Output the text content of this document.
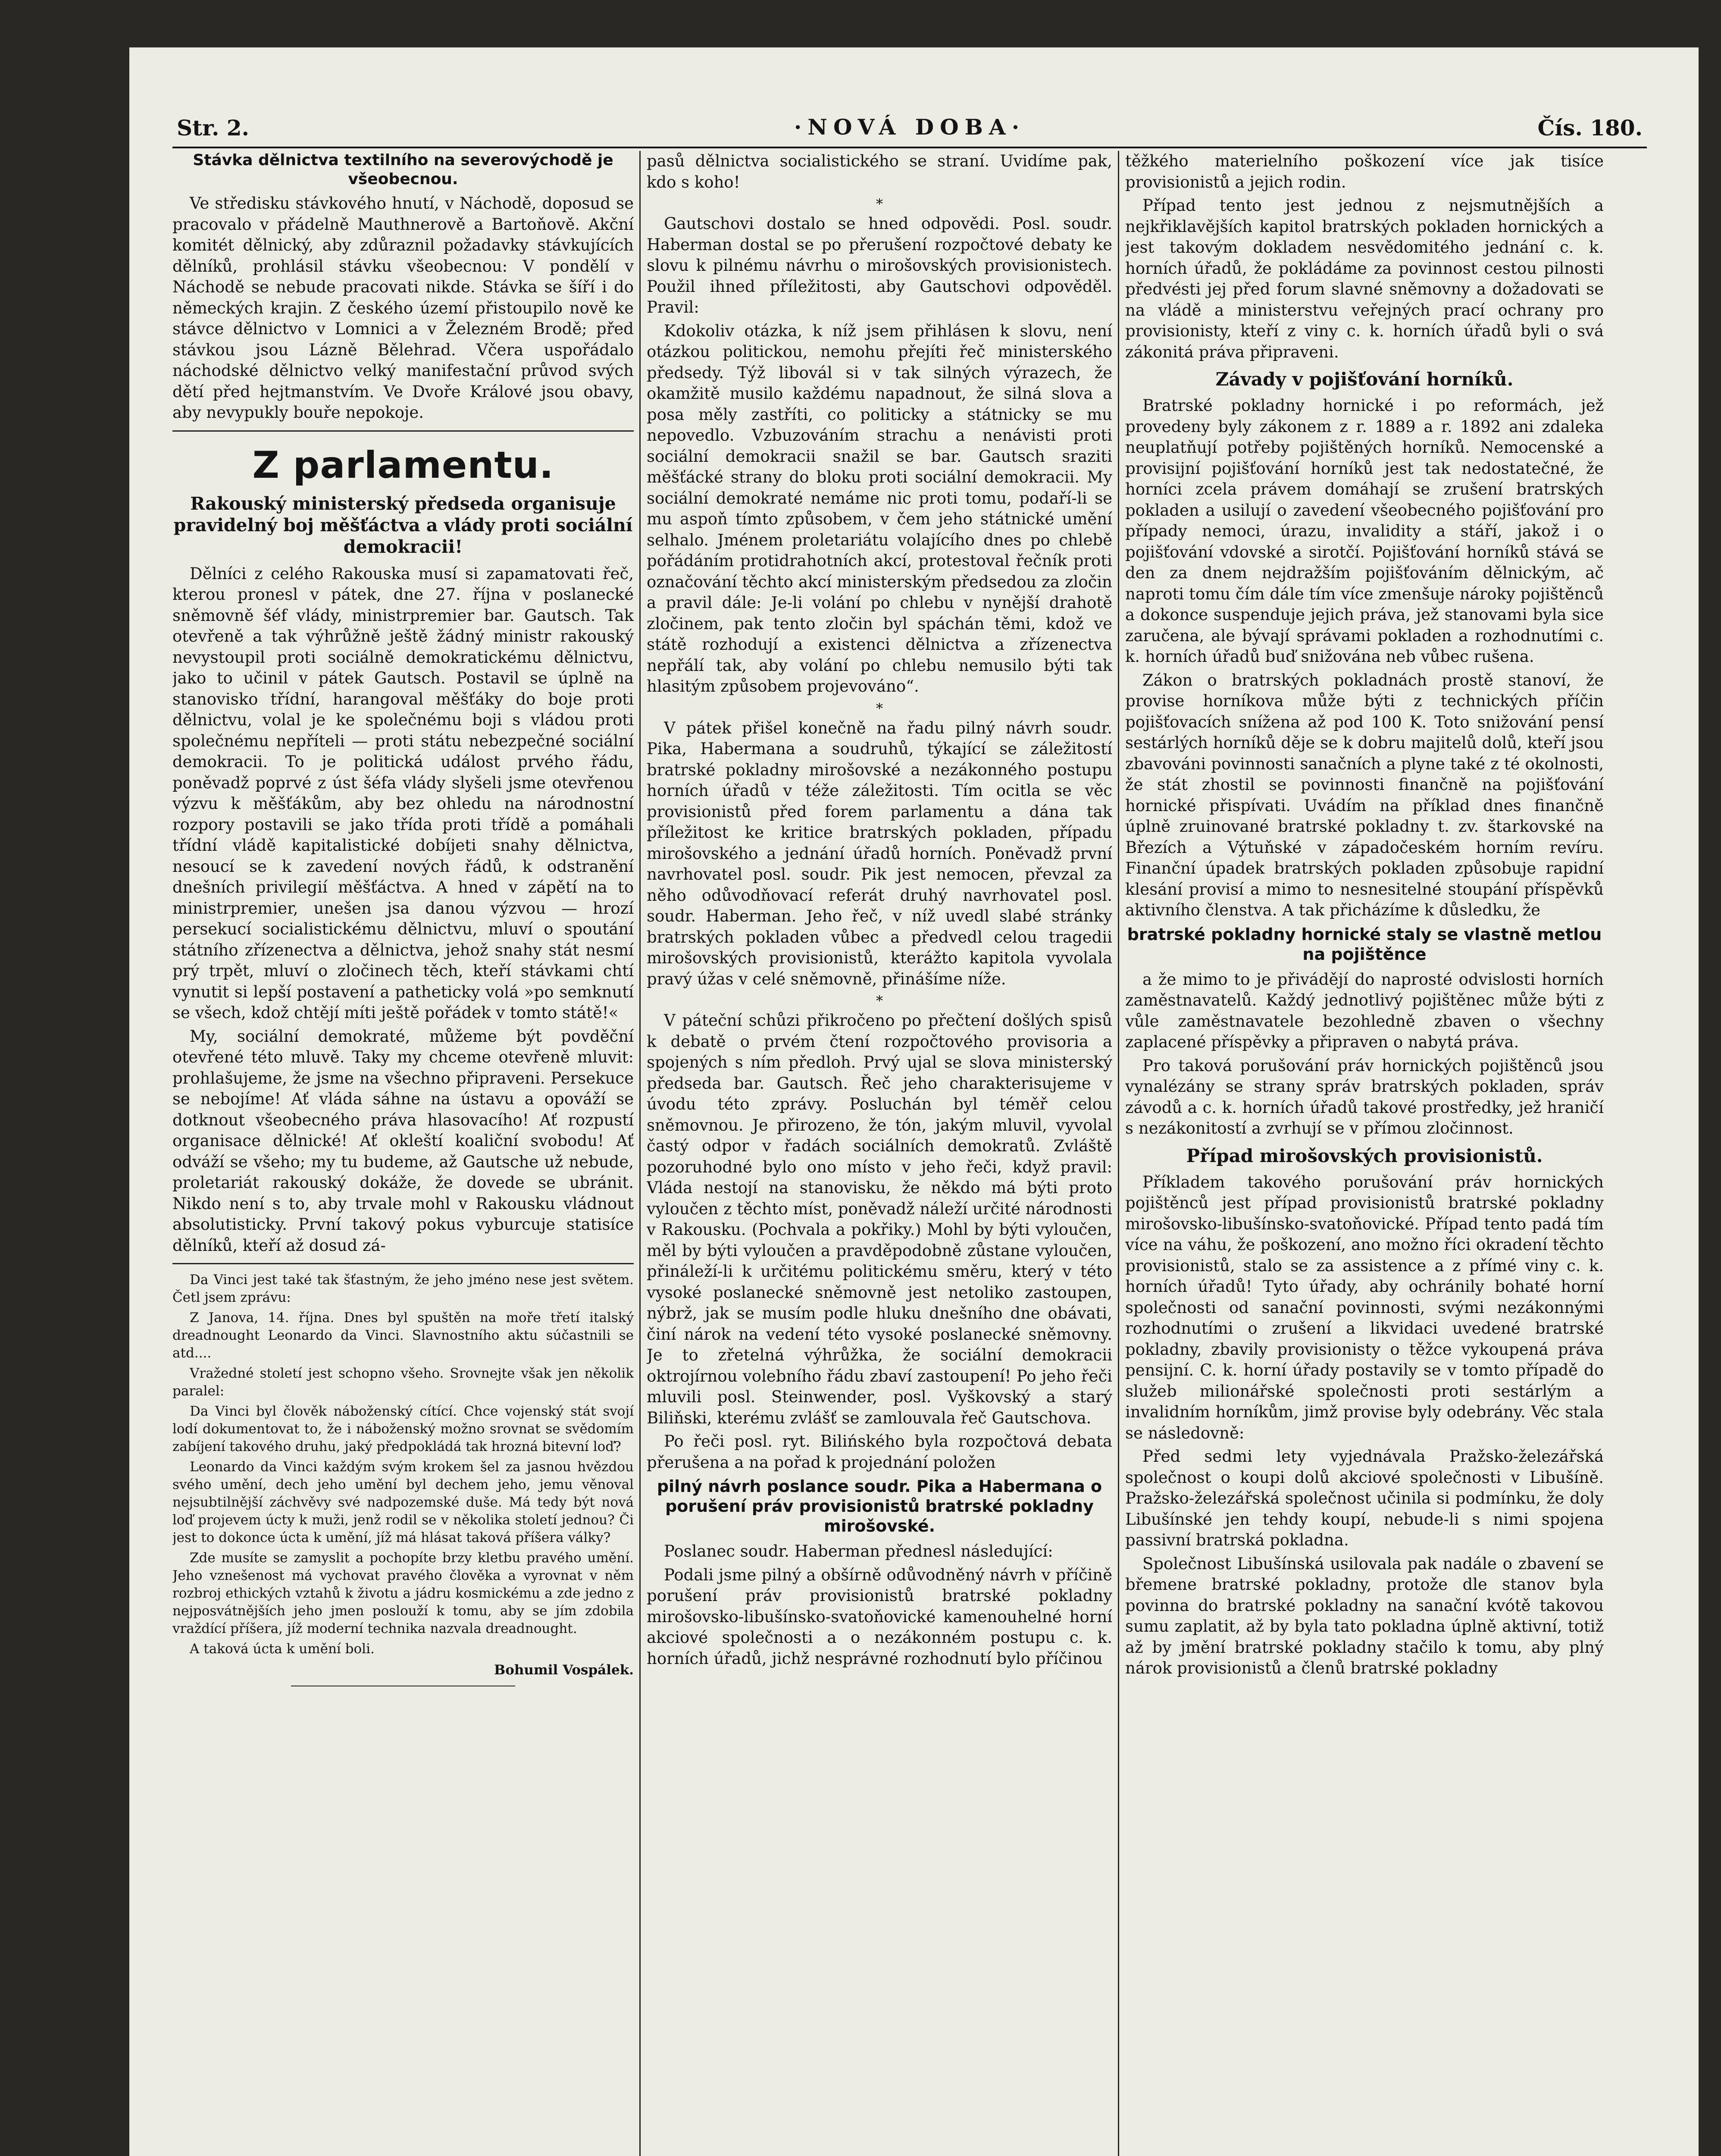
Str. 2.	·NOVÁ DOBA·	Čís. 180.
Stávka dělnictva textilního na severovýchodě je všeobecnou.

Ve středisku stávkového hnutí, v Náchodě, doposud se pracovalo v přádelně Mauthnerově a Bartoňově. Akční komitét dělnický, aby zdůraznil požadavky stávkujících dělníků, prohlásil stávku všeobecnou: V pondělí v Náchodě se nebude pracovati nikde. Stávka se šíří i do německých krajin. Z českého území přistoupilo nově ke stávce dělnictvo v Lomnici a v Železném Brodě; před stávkou jsou Lázně Bělehrad. Včera uspořádalo náchodské dělnictvo velký manifestační průvod svých dětí před hejtmanstvím. Ve Dvoře Králové jsou obavy, aby nevypukly bouře nepokoje.

Z parlamentu.
Rakouský ministerský předseda organisuje pravidelný boj měšťáctva a vlády proti sociální demokracii!

Dělníci z celého Rakouska musí si zapamatovati řeč, kterou pronesl v pátek, dne 27. října v poslanecké sněmovně šéf vlády, ministrpremier bar. Gautsch. Tak otevřeně a tak výhrůžně ještě žádný ministr rakouský nevystoupil proti sociálně demokratickému dělnictvu, jako to učinil v pátek Gautsch. Postavil se úplně na stanovisko třídní, harangoval měšťáky do boje proti dělnictvu, volal je ke společnému boji s vládou proti společnému nepříteli — proti státu nebezpečné sociální demokracii. To je politická událost prvého řádu, poněvadž poprvé z úst šéfa vlády slyšeli jsme otevřenou výzvu k měšťákům, aby bez ohledu na národnostní rozpory postavili se jako třída proti třídě a pomáhali třídní vládě kapitalistické dobíjeti snahy dělnictva, nesoucí se k zavedení nových řádů, k odstranění dnešních privilegií měšťáctva. A hned v zápětí na to ministrpremier, unešen jsa danou výzvou — hrozí persekucí socialistickému dělnictvu, mluví o spoutání státního zřízenectva a dělnictva, jehož snahy stát nesmí prý trpět, mluví o zločinech těch, kteří stávkami chtí vynutit si lepší postavení a patheticky volá »po semknutí se všech, kdož chtějí míti ještě pořádek v tomto státě!«

My, sociální demokraté, můžeme být povděční otevřené této mluvě. Taky my chceme otevřeně mluvit: prohlašujeme, že jsme na všechno připraveni. Persekuce se nebojíme! Ať vláda sáhne na ústavu a opováží se dotknout všeobecného práva hlasovacího! Ať rozpustí organisace dělnické! Ať okleští koaliční svobodu! Ať odváží se všeho; my tu budeme, až Gautsche už nebude, proletariát rakouský dokáže, že dovede se ubránit. Nikdo není s to, aby trvale mohl v Rakousku vládnout absolutisticky. První takový pokus vyburcuje statisíce dělníků, kteří až dosud zá-

Da Vinci jest také tak šťastným, že jeho jméno nese jest světem. Četl jsem zprávu:

Z Janova, 14. října. Dnes byl spuštěn na moře třetí italský dreadnought Leonardo da Vinci. Slavnostního aktu súčastnili se atd....

Vražedné století jest schopno všeho. Srovnejte však jen několik paralel:

Da Vinci byl člověk náboženský cítící. Chce vojenský stát svojí lodí dokumentovat to, že i náboženský možno srovnat se svědomím zabíjení takového druhu, jaký předpokládá tak hrozná bitevní loď?

Leonardo da Vinci každým svým krokem šel za jasnou hvězdou svého umění, dech jeho umění byl dechem jeho, jemu věnoval nejsubtilnější záchvěvy své nadpozemské duše. Má tedy být nová loď projevem úcty k muži, jenž rodil se v několika století jednou? Či jest to dokonce úcta k umění, jíž má hlásat taková příšera války?

Zde musíte se zamyslit a pochopíte brzy kletbu pravého umění. Jeho vznešenost má vychovat pravého člověka a vyrovnat v něm rozbroj ethických vztahů k životu a jádru kosmickému a zde jedno z nejposvátnějších jeho jmen poslouží k tomu, aby se jím zdobila vraždící příšera, jíž moderní technika nazvala dreadnought.

A taková úcta k umění boli.

Bohumil Vospálek.

pasů dělnictva socialistického se straní. Uvidíme pak, kdo s koho!

*

Gautschovi dostalo se hned odpovědi. Posl. soudr. Haberman dostal se po přerušení rozpočtové debaty ke slovu k pilnému návrhu o mirošovských provisionistech. Použil ihned příležitosti, aby Gautschovi odpověděl. Pravil:

Kdokoliv otázka, k níž jsem přihlásen k slovu, není otázkou politickou, nemohu přejíti řeč ministerského předsedy. Týž libovál si v tak silných výrazech, že okamžitě musilo každému napadnout, že silná slova a posa měly zastříti, co politicky a státnicky se mu nepovedlo. Vzbuzováním strachu a nenávisti proti sociální demokracii snažil se bar. Gautsch sraziti měšťácké strany do bloku proti sociální demokracii. My sociální demokraté nemáme nic proti tomu, podaří-li se mu aspoň tímto způsobem, v čem jeho státnické umění selhalo. Jménem proletariátu volajícího dnes po chlebě pořádáním protidrahotních akcí, protestoval řečník proti označování těchto akcí ministerským předsedou za zločin a pravil dále: Je-li volání po chlebu v nynější drahotě zločinem, pak tento zločin byl spáchán těmi, kdož ve státě rozhodují a existenci dělnictva a zřízenectva nepřálí tak, aby volání po chlebu nemusilo býti tak hlasitým způsobem projevováno“.

*

V pátek přišel konečně na řadu pilný návrh soudr. Pika, Habermana a soudruhů, týkající se záležitostí bratrské pokladny mirošovské a nezákonného postupu horních úřadů v téže záležitosti. Tím ocitla se věc provisionistů před forem parlamentu a dána tak příležitost ke kritice bratrských pokladen, případu mirošovského a jednání úřadů horních. Poněvadž první navrhovatel posl. soudr. Pik jest nemocen, převzal za něho odůvodňovací referát druhý navrhovatel posl. soudr. Haberman. Jeho řeč, v níž uvedl slabé stránky bratrských pokladen vůbec a předvedl celou tragedii mirošovských provisionistů, kterážto kapitola vyvolala pravý úžas v celé sněmovně, přinášíme níže.

*

V páteční schůzi přikročeno po přečtení došlých spisů k debatě o prvém čtení rozpočtového provisoria a spojených s ním předloh. Prvý ujal se slova ministerský předseda bar. Gautsch. Řeč jeho charakterisujeme v úvodu této zprávy. Posluchán byl téměř celou sněmovnou. Je přirozeno, že tón, jakým mluvil, vyvolal častý odpor v řadách sociálních demokratů. Zvláště pozoruhodné bylo ono místo v jeho řeči, když pravil: Vláda nestojí na stanovisku, že někdo má býti proto vyloučen z těchto míst, poněvadž náleží určité národnosti v Rakousku. (Pochvala a pokřiky.) Mohl by býti vyloučen, měl by býti vyloučen a pravděpodobně zůstane vyloučen, přináleží-li k určitému politickému směru, který v této vysoké poslanecké sněmovně jest netoliko zastoupen, nýbrž, jak se musím podle hluku dnešního dne obávati, činí nárok na vedení této vysoké poslanecké sněmovny. Je to zřetelná výhrůžka, že sociální demokracii oktrojírnou volebního řádu zbaví zastoupení! Po jeho řeči mluvili posl. Steinwender, posl. Vyškovský a starý Biliňski, kterému zvlášť se zamlouvala řeč Gautschova.

Po řeči posl. ryt. Bilińského byla rozpočtová debata přerušena a na pořad k projednání položen

pilný návrh poslance soudr. Pika a Habermana o porušení práv provisionistů bratrské pokladny mirošovské.

Poslanec soudr. Haberman přednesl následující:

Podali jsme pilný a obšírně odůvodněný návrh v příčině porušení práv provisionistů bratrské pokladny mirošovsko-libušínsko-svatoňovické kamenouhelné horní akciové společnosti a o nezákonném postupu c. k. horních úřadů, jichž nesprávné rozhodnutí bylo příčinou

těžkého materielního poškození více jak tisíce provisionistů a jejich rodin.

Případ tento jest jednou z nejsmutnějších a nejkřiklavějších kapitol bratrských pokladen hornických a jest takovým dokladem nesvědomitého jednání c. k. horních úřadů, že pokládáme za povinnost cestou pilnosti předvésti jej před forum slavné sněmovny a dožadovati se na vládě a ministerstvu veřejných prací ochrany pro provisionisty, kteří z viny c. k. horních úřadů byli o svá zákonitá práva připraveni.

Závady v pojišťování horníků.

Bratrské pokladny hornické i po reformách, jež provedeny byly zákonem z r. 1889 a r. 1892 ani zdaleka neuplatňují potřeby pojištěných horníků. Nemocenské a provisijní pojišťování horníků jest tak nedostatečné, že horníci zcela právem domáhají se zrušení bratrských pokladen a usilují o zavedení všeobecného pojišťování pro případy nemoci, úrazu, invalidity a stáří, jakož i o pojišťování vdovské a sirotčí. Pojišťování horníků stává se den za dnem nejdražším pojišťováním dělnickým, ač naproti tomu čím dále tím více zmenšuje nároky pojištěnců a dokonce suspenduje jejich práva, jež stanovami byla sice zaručena, ale bývají správami pokladen a rozhodnutími c. k. horních úřadů buď snižována neb vůbec rušena.

Zákon o bratrských pokladnách prostě stanoví, že provise horníkova může býti z technických příčin pojišťovacích snížena až pod 100 K. Toto snižování pensí sestárlých horníků děje se k dobru majitelů dolů, kteří jsou zbavováni povinnosti sanačních a plyne také z té okolnosti, že stát zhostil se povinnosti finančně na pojišťování hornické přispívati. Uvádím na příklad dnes finančně úplně zruinované bratrské pokladny t. zv. štarkovské na Březích a Výtuňské v západočeském horním revíru. Finanční úpadek bratrských pokladen způsobuje rapidní klesání provisí a mimo to nesnesitelné stoupání příspěvků aktivního členstva. A tak přicházíme k důsledku, že

bratrské pokladny hornické staly se vlastně metlou na pojištěnce

a že mimo to je přivádějí do naprosté odvislosti horních zaměstnavatelů. Každý jednotlivý pojištěnec může býti z vůle zaměstnavatele bezohledně zbaven o všechny zaplacené příspěvky a připraven o nabytá práva.

Pro taková porušování práv hornických pojištěnců jsou vynalézány se strany správ bratrských pokladen, správ závodů a c. k. horních úřadů takové prostředky, jež hraničí s nezákonitostí a zvrhují se v přímou zločinnost.

Případ mirošovských provisionistů.

Příkladem takového porušování práv hornických pojištěnců jest případ provisionistů bratrské pokladny mirošovsko-libušínsko-svatoňovické. Případ tento padá tím více na váhu, že poškození, ano možno říci okradení těchto provisionistů, stalo se za assistence a z přímé viny c. k. horních úřadů! Tyto úřady, aby ochránily bohaté horní společnosti od sanační povinnosti, svými nezákonnými rozhodnutími o zrušení a likvidaci uvedené bratrské pokladny, zbavily provisionisty o těžce vykoupená práva pensijní. C. k. horní úřady postavily se v tomto případě do služeb milionářské společnosti proti sestárlým a invalidním horníkům, jimž provise byly odebrány. Věc stala se následovně:

Před sedmi lety vyjednávala Pražsko-železářská společnost o koupi dolů akciové společnosti v Libušíně. Pražsko-železářská společnost učinila si podmínku, že doly Libušínské jen tehdy koupí, nebude-li s nimi spojena passivní bratrská pokladna.

Společnost Libušínská usilovala pak nadále o zbavení se břemene bratrské pokladny, protože dle stanov byla povinna do bratrské pokladny na sanační kvótě takovou sumu zaplatit, až by byla tato pokladna úplně aktivní, totiž až by jmění bratrské pokladny stačilo k tomu, aby plný nárok provisionistů a členů bratrské pokladny
